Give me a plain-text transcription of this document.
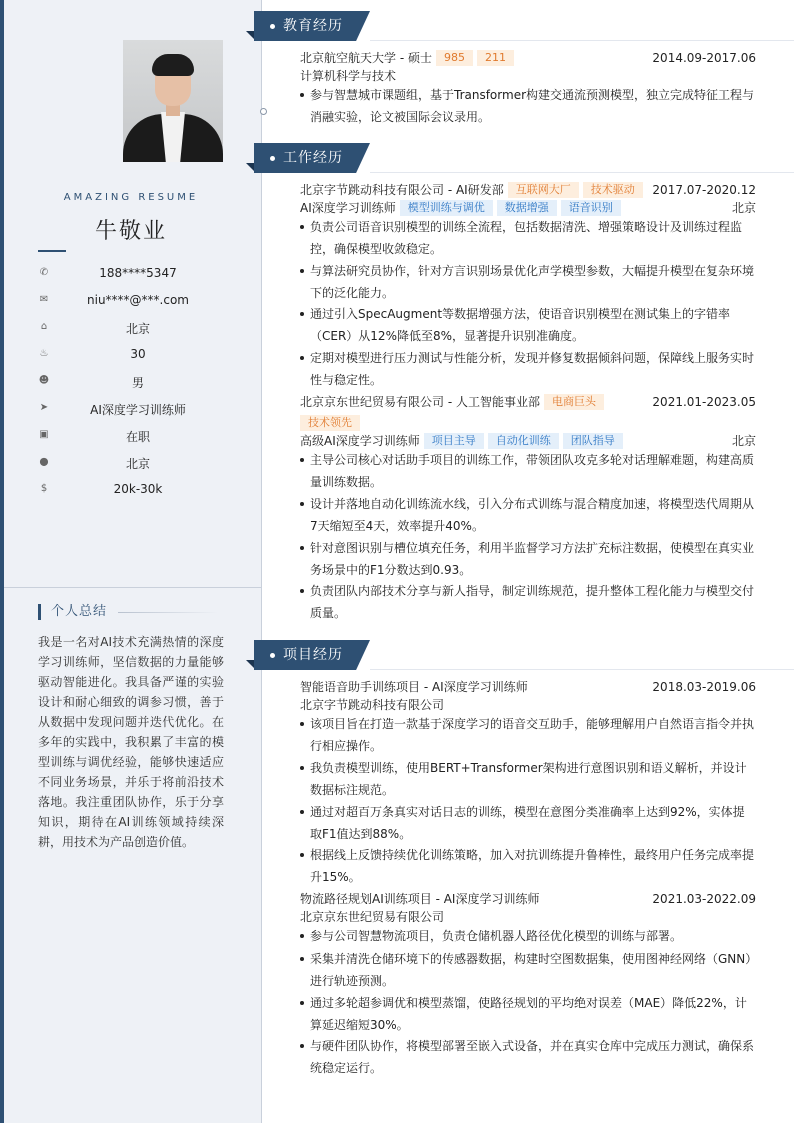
AMAZING RESUME
牛敬业
✆	188****5347
✉	niu****@***.com
⌂	北京
♨	30
☻	男
➤	AI深度学习训练师
▣	在职
⬤	北京
$	20k-30k
个人总结
我是一名对AI技术充满热情的深度学习训练师，坚信数据的力量能够驱动智能进化。我具备严谨的实验设计和耐心细致的调参习惯，善于从数据中发现问题并迭代优化。在多年的实践中，我积累了丰富的模型训练与调优经验，能够快速适应不同业务场景，并乐于将前沿技术落地。我注重团队协作，乐于分享知识，期待在AI训练领域持续深耕，用技术为产品创造价值。
教育经历
北京航空航天大学 - 硕士 985 211	2014.09-2017.06
计算机科学与技术
参与智慧城市课题组，基于Transformer构建交通流预测模型，独立完成特征工程与消融实验，论文被国际会议录用。
工作经历
北京字节跳动科技有限公司 - AI研发部 互联网大厂 技术驱动	2017.07-2020.12
AI深度学习训练师 模型训练与调优 数据增强 语音识别	北京
负责公司语音识别模型的训练全流程，包括数据清洗、增强策略设计及训练过程监控，确保模型收敛稳定。
与算法研究员协作，针对方言识别场景优化声学模型参数，大幅提升模型在复杂环境下的泛化能力。
通过引入SpecAugment等数据增强方法，使语音识别模型在测试集上的字错率（CER）从12%降低至8%，显著提升识别准确度。
定期对模型进行压力测试与性能分析，发现并修复数据倾斜问题，保障线上服务实时性与稳定性。
北京京东世纪贸易有限公司 - 人工智能事业部 电商巨头	2021.01-2023.05
技术领先
高级AI深度学习训练师 项目主导 自动化训练 团队指导	北京
主导公司核心对话助手项目的训练工作，带领团队攻克多轮对话理解难题，构建高质量训练数据。
设计并落地自动化训练流水线，引入分布式训练与混合精度加速，将模型迭代周期从7天缩短至4天，效率提升40%。
针对意图识别与槽位填充任务，利用半监督学习方法扩充标注数据，使模型在真实业务场景中的F1分数达到0.93。
负责团队内部技术分享与新人指导，制定训练规范，提升整体工程化能力与模型交付质量。
项目经历
智能语音助手训练项目 - AI深度学习训练师	2018.03-2019.06
北京字节跳动科技有限公司
该项目旨在打造一款基于深度学习的语音交互助手，能够理解用户自然语言指令并执行相应操作。
我负责模型训练，使用BERT+Transformer架构进行意图识别和语义解析，并设计数据标注规范。
通过对超百万条真实对话日志的训练，模型在意图分类准确率上达到92%，实体提取F1值达到88%。
根据线上反馈持续优化训练策略，加入对抗训练提升鲁棒性，最终用户任务完成率提升15%。
物流路径规划AI训练项目 - AI深度学习训练师	2021.03-2022.09
北京京东世纪贸易有限公司
参与公司智慧物流项目，负责仓储机器人路径优化模型的训练与部署。
采集并清洗仓储环境下的传感器数据，构建时空图数据集，使用图神经网络（GNN）进行轨迹预测。
通过多轮超参调优和模型蒸馏，使路径规划的平均绝对误差（MAE）降低22%，计算延迟缩短30%。
与硬件团队协作，将模型部署至嵌入式设备，并在真实仓库中完成压力测试，确保系统稳定运行。
